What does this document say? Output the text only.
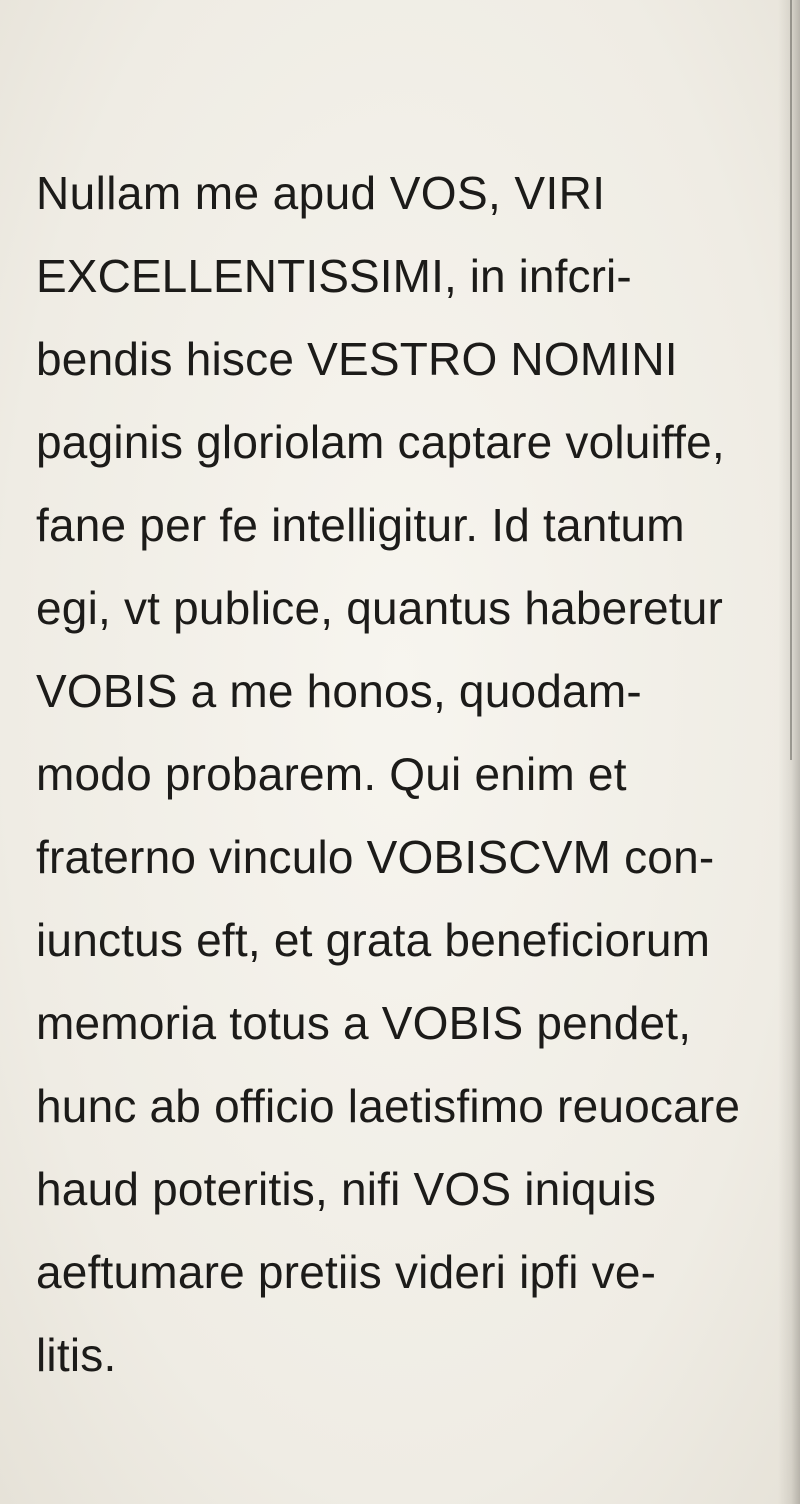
Nullam me apud VOS, VIRI
EXCELLENTISSIMI, in infcri-
bendis hisce VESTRO NOMINI
paginis gloriolam captare voluiffe,
fane per fe intelligitur. Id tantum
egi, vt publice, quantus haberetur
VOBIS a me honos, quodam-
modo probarem. Qui enim et
fraterno vinculo VOBISCVM con-
iunctus eft, et grata beneficiorum
memoria totus a VOBIS pendet,
hunc ab officio laetisfimo reuocare
haud poteritis, nifi VOS iniquis
aeftumare pretiis videri ipfi ve-
litis.
